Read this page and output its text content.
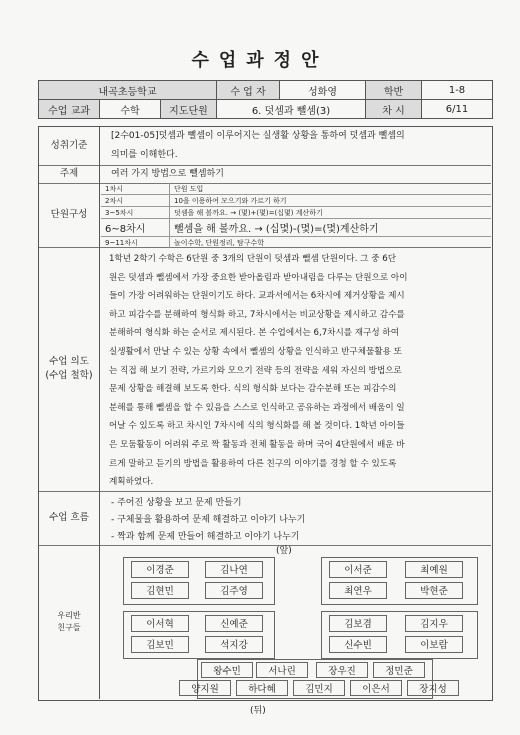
수업과정안
내곡초등학교			수 업 자	성화영	학반	1-8
수업 교과	수학	지도단원	6. 덧셈과 뺄셈(3)		차 시	6/11
성취기준
[2수01-05]덧셈과 뺄셈이 이루어지는 실생활 상황을 통하여 덧셈과 뺄셈의
의미를 이해한다.
주제	여러 가지 방법으로 뺄셈하기
단원구성
1차시	단원 도입
2차시	10을 이용하여 모으기와 가르기 하기
3~5차시	덧셈을 해 볼까요. → (몇)+(몇)=(십몇) 계산하기
6~8차시	뺄셈을 해 볼까요. → (십몇)-(몇)=(몇)계산하기
9~11차시	놀이수학, 단원정리, 탐구수학
수업 의도
(수업 철학)
1학년 2학기 수학은 6단원 중 3개의 단원이 덧셈과 뺄셈 단원이다. 그 중 6단
원은 덧셈과 뺄셈에서 가장 중요한 받아올림과 받아내림을 다루는 단원으로 아이
들이 가장 어려워하는 단원이기도 하다. 교과서에서는 6차시에 제거상황을 제시
하고 피감수를 분해하여 형식화 하고, 7차시에서는 비교상황을 제시하고 감수를
분해하여 형식화 하는 순서로 제시된다. 본 수업에서는 6,7차시를 재구성 하여
실생활에서 만날 수 있는 상황 속에서 뺄셈의 상황을 인식하고 반구체물활용 또
는 직접 해 보기 전략, 가르기와 모으기 전략 등의 전략을 세워 자신의 방법으로
문제 상황을 해결해 보도록 한다. 식의 형식화 보다는 감수분해 또는 피감수의
분해를 통해 뺄셈을 할 수 있음을 스스로 인식하고 공유하는 과정에서 배움이 일
어날 수 있도록 하고 차시인 7차시에 식의 형식화를 해 볼 것이다. 1학년 아이들
은 모둠활동이 어려워 주로 짝 활동과 전체 활동을 하며 국어 4단원에서 배운 바
르게 말하고 듣기의 방법을 활용하여 다른 친구의 이야기를 경청 할 수 있도록
계획하였다.
수업 흐름
- 주어진 상황을 보고 문제 만들기
- 구체물을 활용하여 문제 해결하고 이야기 나누기
- 짝과 함께 문제 만들어 해결하고 이야기 나누기
우리반
친구들
(앞)
이경준	김나연
김현민	김주영
이서준	최예원
최연우	박현준
이서혁	신예준
김보민	석지강
김보겸	김지우
신수빈	이보람
왕수민	서나린	장우진	정민준
양지원	하다혜	김민지	이은서	장지성
(뒤)
